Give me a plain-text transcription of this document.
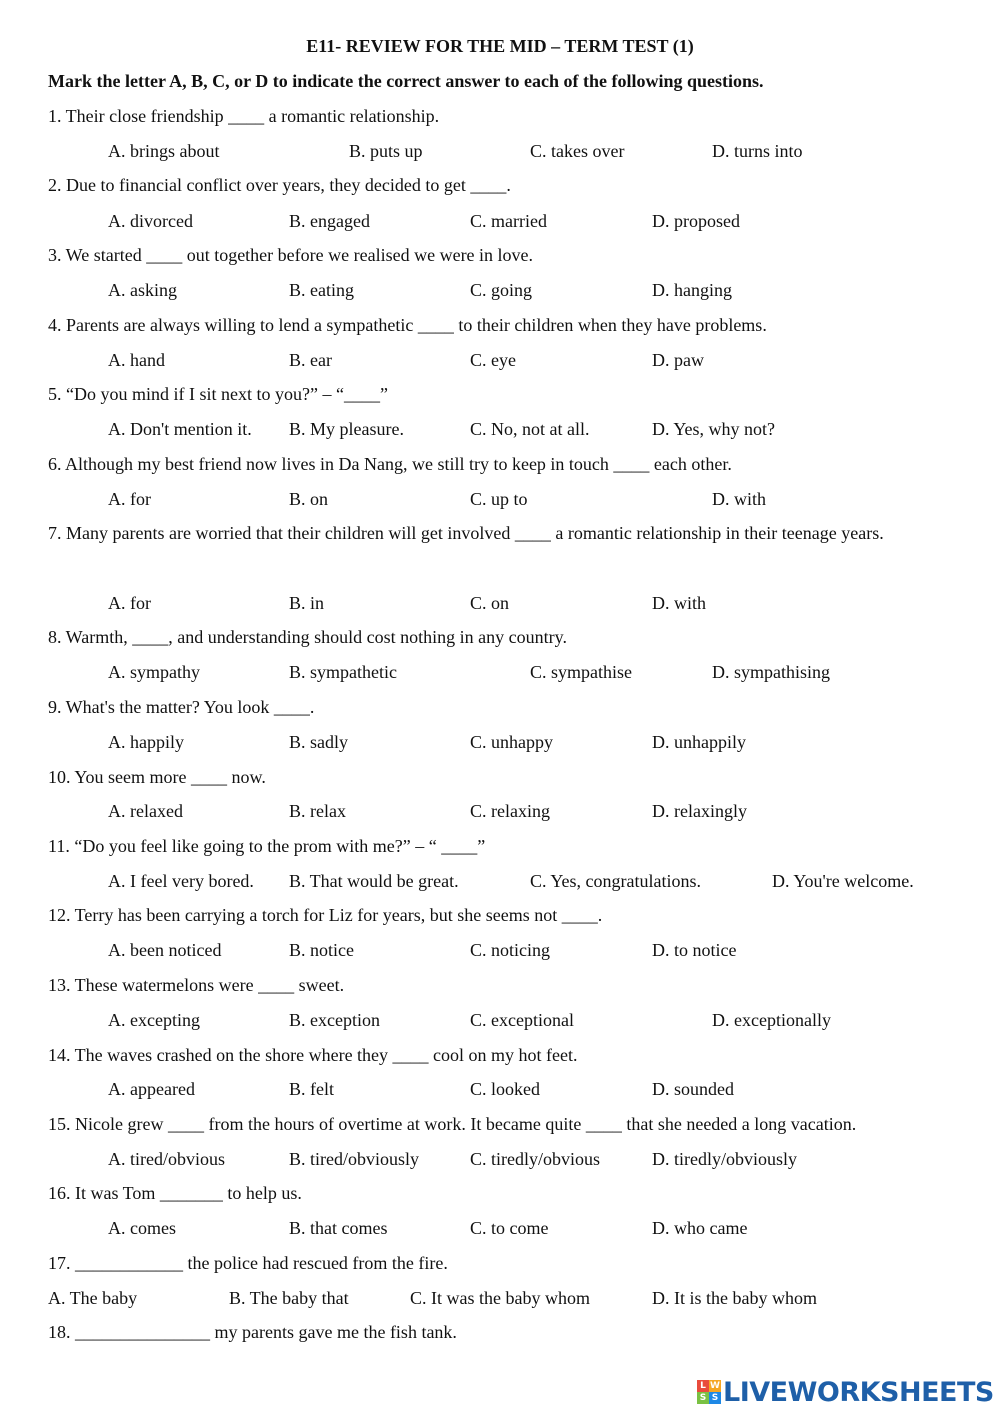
E11- REVIEW FOR THE MID – TERM TEST (1)
Mark the letter A, B, C, or D to indicate the correct answer to each of the following questions.
1. Their close friendship ____ a romantic relationship.
A. brings about	B. puts up	C. takes over	D. turns into
2. Due to financial conflict over years, they decided to get ____.
A. divorced	B. engaged	C. married	D. proposed
3. We started ____ out together before we realised we were in love.
A. asking	B. eating	C. going	D. hanging
4. Parents are always willing to lend a sympathetic ____ to their children when they have problems.
A. hand	B. ear	C. eye	D. paw
5. “Do you mind if I sit next to you?” – “____”
A. Don't mention it. B. My pleasure.	C. No, not at all.	D. Yes, why not?
6. Although my best friend now lives in Da Nang, we still try to keep in touch ____ each other.
A. for	B. on	C. up to	D. with
7. Many parents are worried that their children will get involved ____ a romantic relationship in their teenage years.
A. for	B. in	C. on	D. with
8. Warmth, ____, and understanding should cost nothing in any country.
A. sympathy	B. sympathetic	C. sympathise	D. sympathising
9. What's the matter? You look ____.
A. happily	B. sadly	C. unhappy	D. unhappily
10. You seem more ____ now.
A. relaxed	B. relax	C. relaxing	D. relaxingly
11. “Do you feel like going to the prom with me?” – “ ____”
A. I feel very bored. B. That would be great.	C. Yes, congratulations.	D. You're welcome.
12. Terry has been carrying a torch for Liz for years, but she seems not ____.
A. been noticed	B. notice	C. noticing	D. to notice
13. These watermelons were ____ sweet.
A. excepting	B. exception	C. exceptional	D. exceptionally
14. The waves crashed on the shore where they ____ cool on my hot feet.
A. appeared	B. felt	C. looked	D. sounded
15. Nicole grew ____ from the hours of overtime at work. It became quite ____ that she needed a long vacation.
A. tired/obvious	B. tired/obviously	C. tiredly/obvious	D. tiredly/obviously
16. It was Tom _______ to help us.
A. comes	B. that comes	C. to come	D. who came
17. ____________ the police had rescued from the fire.
A. The baby	B. The baby that	C. It was the baby whom	D. It is the baby whom
18. _______________ my parents gave me the fish tank.
L W
S S LIVEWORKSHEETS
